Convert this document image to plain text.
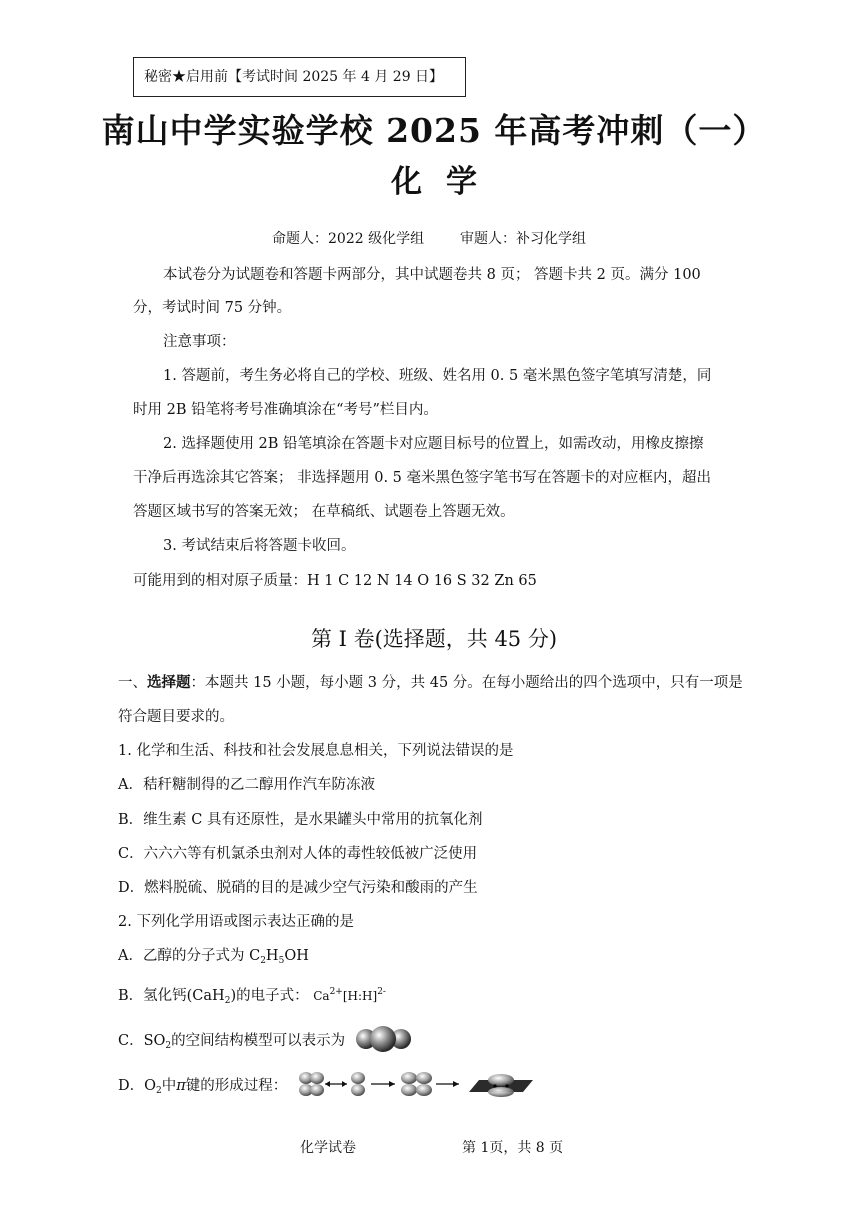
秘密★启用前【考试时间 2025 年 4 月 29 日】
南山中学实验学校 2025 年高考冲刺（一）
化学
命题人：2022 级化学组	审题人：补习化学组
本试卷分为试题卷和答题卡两部分，其中试题卷共 8 页； 答题卡共 2 页。满分 100
分，考试时间 75 分钟。
注意事项：
1. 答题前，考生务必将自己的学校、班级、姓名用 0. 5 毫米黑色签字笔填写清楚，同
时用 2B 铅笔将考号准确填涂在“考号”栏目内。
2. 选择题使用 2B 铅笔填涂在答题卡对应题目标号的位置上，如需改动，用橡皮擦擦
干净后再选涂其它答案； 非选择题用 0. 5 毫米黑色签字笔书写在答题卡的对应框内，超出
答题区域书写的答案无效； 在草稿纸、试题卷上答题无效。
3. 考试结束后将答题卡收回。
可能用到的相对原子质量：H 1 C 12 N 14 O 16 S 32 Zn 65
第 I 卷(选择题，共 45 分)
一、选择题：本题共 15 小题，每小题 3 分，共 45 分。在每小题给出的四个选项中，只有一项是
符合题目要求的。
1. 化学和生活、科技和社会发展息息相关，下列说法错误的是
A．秸秆糖制得的乙二醇用作汽车防冻液
B．维生素 C 具有还原性，是水果罐头中常用的抗氧化剂
C．六六六等有机氯杀虫剂对人体的毒性较低被广泛使用
D．燃料脱硫、脱硝的目的是减少空气污染和酸雨的产生
2. 下列化学用语或图示表达正确的是
A．乙醇的分子式为 $C_2H_5OH$
B．氢化钙(CaH$_2$)的电子式： $Ca^{2+}[H:H]^{2-}$
C．$SO_2$的空间结构模型可以表示为
D．$O_2$中π键的形成过程：
化学试卷	第 1页，共 8 页
